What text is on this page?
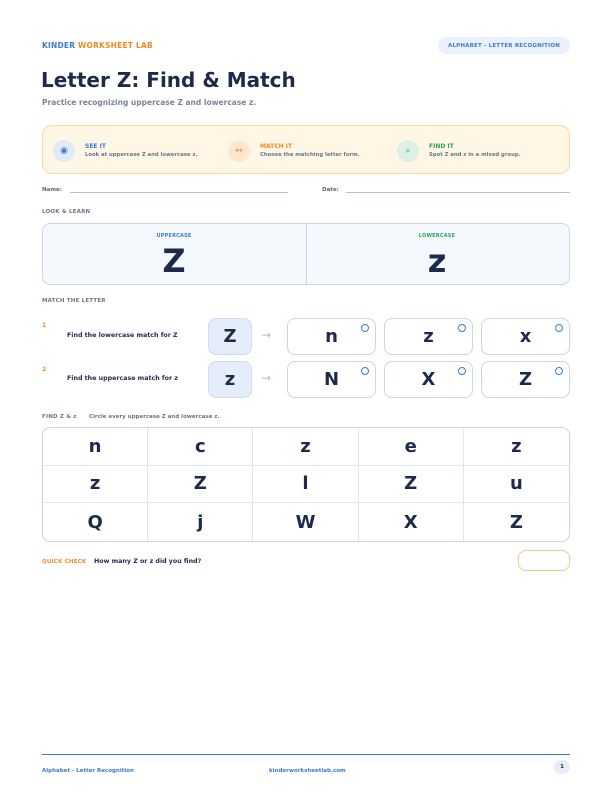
KINDER WORKSHEET LAB	ALPHABET - LETTER RECOGNITION
Letter Z: Find & Match
Practice recognizing uppercase Z and lowercase z.
◉	SEE IT
Look at uppercase Z and lowercase z.	↔	MATCH IT
Choose the matching letter form.	⌕	FIND IT
Spot Z and z in a mixed group.
Name:	Date:
LOOK & LEARN
UPPERCASE
Z
LOWERCASE
z
MATCH THE LETTER
1
Find the lowercase match for Z	Z	→	n	z	x
2
Find the uppercase match for z	z	→	N	X	Z
FIND Z & z Circle every uppercase Z and lowercase z.
n	c	z	e	z
z	Z	l	Z	u
Q	j	W	X	Z
QUICK CHECK How many Z or z did you find?
Alphabet - Letter Recognition	kinderworksheetlab.com
1
